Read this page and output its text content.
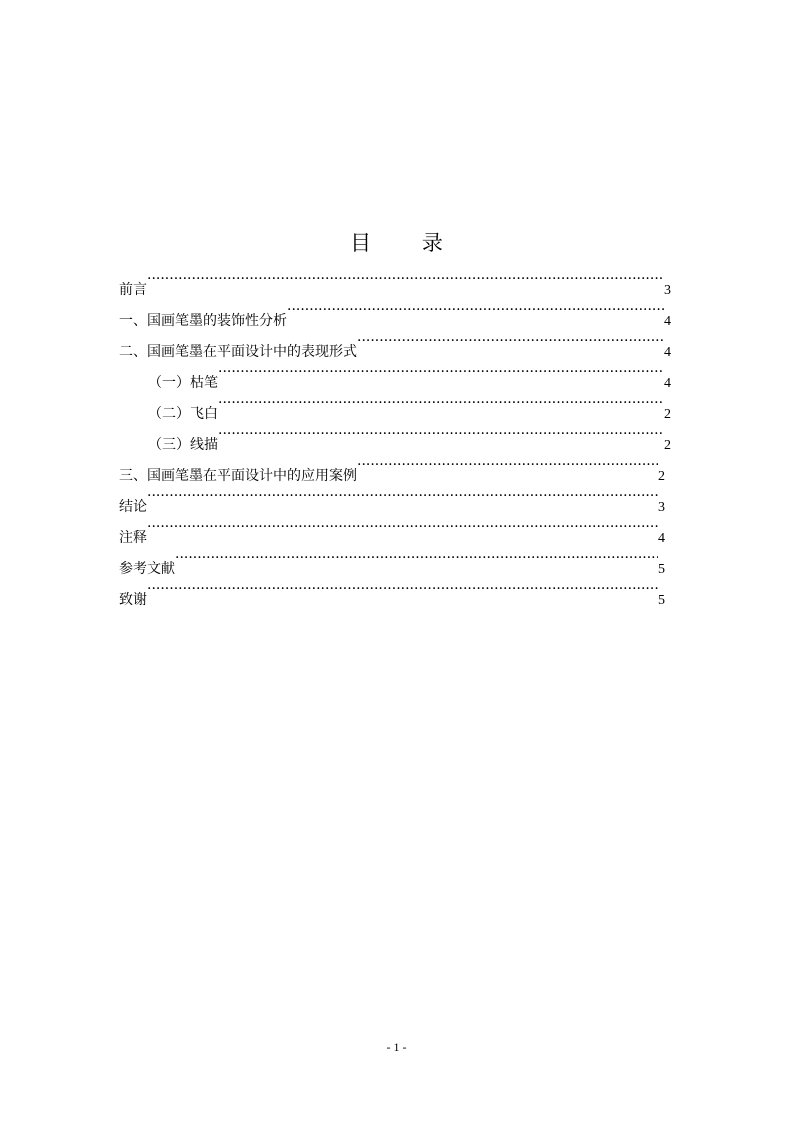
目 录
前言 ·····	3
一、国画笔墨的装饰性分析 ·····	4
二、国画笔墨在平面设计中的表现形式 ·····	4
（一）枯笔 ·····	4
（二）飞白 ·····	2
（三）线描 ·····	2
三、国画笔墨在平面设计中的应用案例 ·····	2
结论 ·····	3
注释 ·····	4
参考文献 ·····	5
致谢 ·····	5
- 1 -
